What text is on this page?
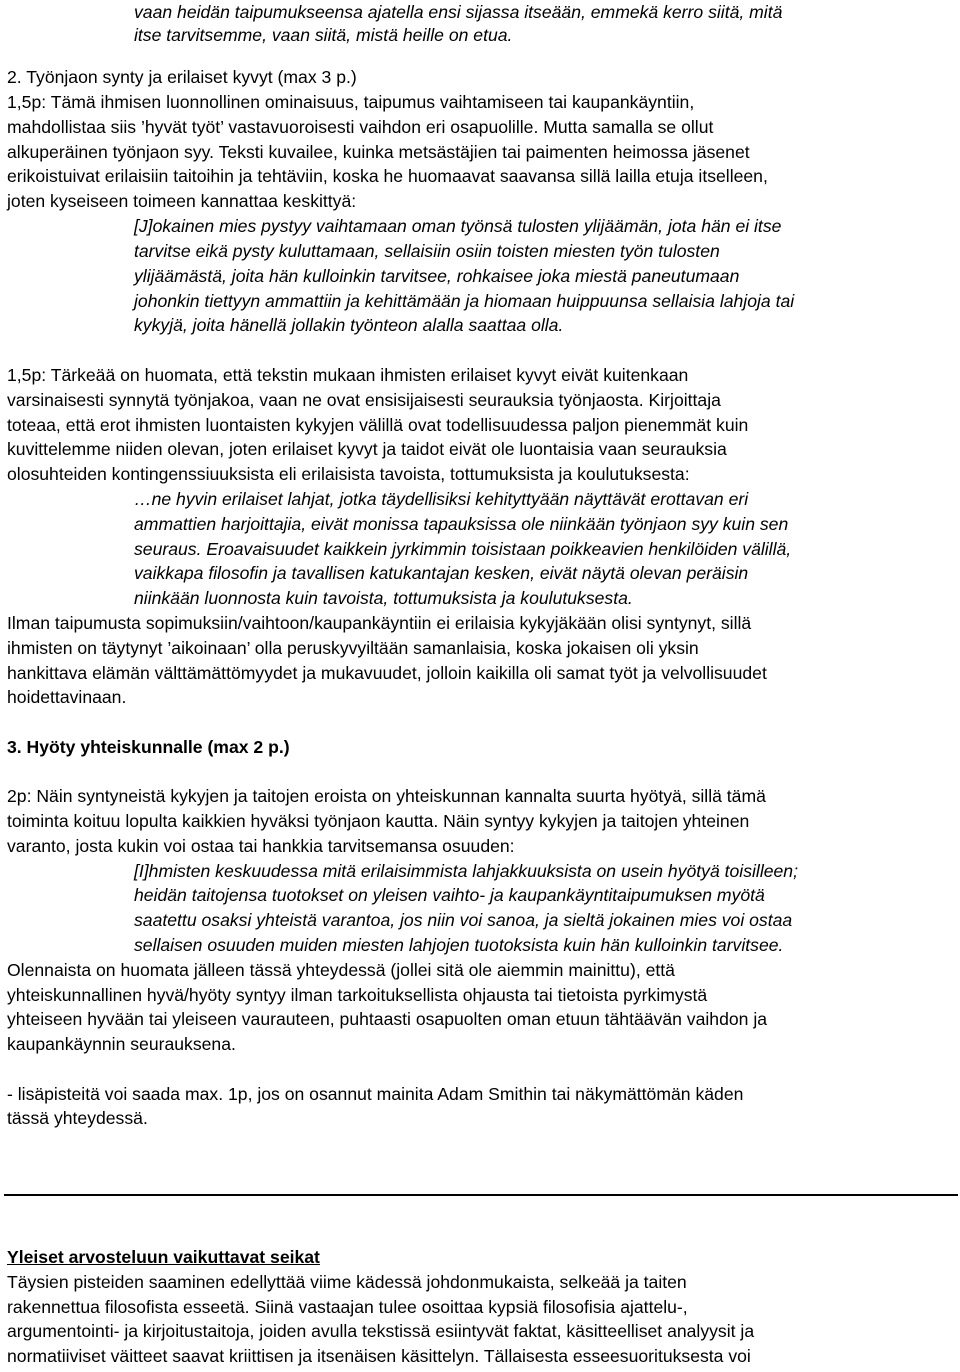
vaan heidän taipumukseensa ajatella ensi sijassa itseään, emmekä kerro siitä, mitä
itse tarvitsemme, vaan siitä, mistä heille on etua.
2. Työnjaon synty ja erilaiset kyvyt (max 3 p.)
1,5p: Tämä ihmisen luonnollinen ominaisuus, taipumus vaihtamiseen tai kaupankäyntiin,
mahdollistaa siis ’hyvät työt’ vastavuoroisesti vaihdon eri osapuolille. Mutta samalla se ollut
alkuperäinen työnjaon syy. Teksti kuvailee, kuinka metsästäjien tai paimenten heimossa jäsenet
erikoistuivat erilaisiin taitoihin ja tehtäviin, koska he huomaavat saavansa sillä lailla etuja itselleen,
joten kyseiseen toimeen kannattaa keskittyä:
[J]okainen mies pystyy vaihtamaan oman työnsä tulosten ylijäämän, jota hän ei itse
tarvitse eikä pysty kuluttamaan, sellaisiin osiin toisten miesten työn tulosten
ylijäämästä, joita hän kulloinkin tarvitsee, rohkaisee joka miestä paneutumaan
johonkin tiettyyn ammattiin ja kehittämään ja hiomaan huippuunsa sellaisia lahjoja tai
kykyjä, joita hänellä jollakin työnteon alalla saattaa olla.
1,5p: Tärkeää on huomata, että tekstin mukaan ihmisten erilaiset kyvyt eivät kuitenkaan
varsinaisesti synnytä työnjakoa, vaan ne ovat ensisijaisesti seurauksia työnjaosta. Kirjoittaja
toteaa, että erot ihmisten luontaisten kykyjen välillä ovat todellisuudessa paljon pienemmät kuin
kuvittelemme niiden olevan, joten erilaiset kyvyt ja taidot eivät ole luontaisia vaan seurauksia
olosuhteiden kontingenssiuuksista eli erilaisista tavoista, tottumuksista ja koulutuksesta:
…ne hyvin erilaiset lahjat, jotka täydellisiksi kehityttyään näyttävät erottavan eri
ammattien harjoittajia, eivät monissa tapauksissa ole niinkään työnjaon syy kuin sen
seuraus. Eroavaisuudet kaikkein jyrkimmin toisistaan poikkeavien henkilöiden välillä,
vaikkapa filosofin ja tavallisen katukantajan kesken, eivät näytä olevan peräisin
niinkään luonnosta kuin tavoista, tottumuksista ja koulutuksesta.
Ilman taipumusta sopimuksiin/vaihtoon/kaupankäyntiin ei erilaisia kykyjäkään olisi syntynyt, sillä
ihmisten on täytynyt ’aikoinaan’ olla peruskyvyiltään samanlaisia, koska jokaisen oli yksin
hankittava elämän välttämättömyydet ja mukavuudet, jolloin kaikilla oli samat työt ja velvollisuudet
hoidettavinaan.
3. Hyöty yhteiskunnalle (max 2 p.)
2p: Näin syntyneistä kykyjen ja taitojen eroista on yhteiskunnan kannalta suurta hyötyä, sillä tämä
toiminta koituu lopulta kaikkien hyväksi työnjaon kautta. Näin syntyy kykyjen ja taitojen yhteinen
varanto, josta kukin voi ostaa tai hankkia tarvitsemansa osuuden:
[I]hmisten keskuudessa mitä erilaisimmista lahjakkuuksista on usein hyötyä toisilleen;
heidän taitojensa tuotokset on yleisen vaihto- ja kaupankäyntitaipumuksen myötä
saatettu osaksi yhteistä varantoa, jos niin voi sanoa, ja sieltä jokainen mies voi ostaa
sellaisen osuuden muiden miesten lahjojen tuotoksista kuin hän kulloinkin tarvitsee.
Olennaista on huomata jälleen tässä yhteydessä (jollei sitä ole aiemmin mainittu), että
yhteiskunnallinen hyvä/hyöty syntyy ilman tarkoituksellista ohjausta tai tietoista pyrkimystä
yhteiseen hyvään tai yleiseen vaurauteen, puhtaasti osapuolten oman etuun tähtäävän vaihdon ja
kaupankäynnin seurauksena.
- lisäpisteitä voi saada max. 1p, jos on osannut mainita Adam Smithin tai näkymättömän käden
tässä yhteydessä.
Yleiset arvosteluun vaikuttavat seikat
Täysien pisteiden saaminen edellyttää viime kädessä johdonmukaista, selkeää ja taiten
rakennettua filosofista esseetä. Siinä vastaajan tulee osoittaa kypsiä filosofisia ajattelu-,
argumentointi- ja kirjoitustaitoja, joiden avulla tekstissä esiintyvät faktat, käsitteelliset analyysit ja
normatiiviset väitteet saavat kriittisen ja itsenäisen käsittelyn. Tällaisesta esseesuorituksesta voi
